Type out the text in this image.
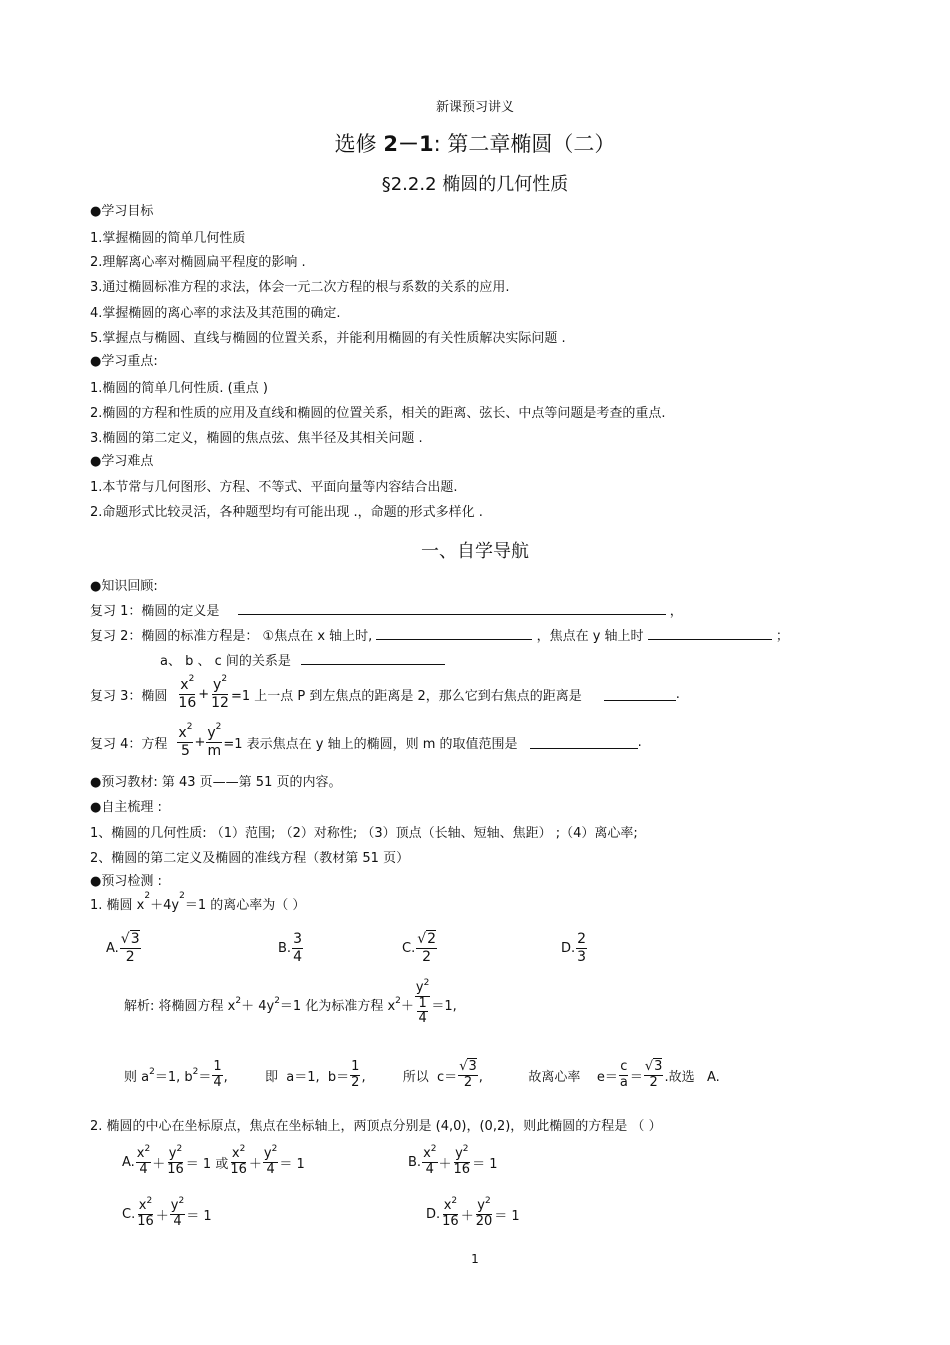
新课预习讲义
选修 2－1: 第二章椭圆（二）
§2.2.2 椭圆的几何性质
●学习目标
1.掌握椭圆的简单几何性质
2.理解离心率对椭圆扁平程度的影响 .
3.通过椭圆标准方程的求法，体会一元二次方程的根与系数的关系的应用.
4.掌握椭圆的离心率的求法及其范围的确定.
5.掌握点与椭圆、直线与椭圆的位置关系，并能利用椭圆的有关性质解决实际问题 .
●学习重点:
1.椭圆的简单几何性质. (重点 )
2.椭圆的方程和性质的应用及直线和椭圆的位置关系，相关的距离、弦长、中点等问题是考查的重点.
3.椭圆的第二定义，椭圆的焦点弦、焦半径及其相关问题 .
●学习难点
1.本节常与几何图形、方程、不等式、平面向量等内容结合出题.
2.命题形式比较灵活，各种题型均有可能出现 .，命题的形式多样化 .
一、自学导航
●知识回顾:
复习 1：椭圆的定义是	，
复习 2：椭圆的标准方程是： ①焦点在 x 轴上时,	，焦点在 y 轴上时	；
a、 b 、 c 间的关系是
复习 3：椭圆 $\frac{x^2}{16} + \frac{y^2}{12} =1$ 上一点 P 到左焦点的距离是 2，那么它到右焦点的距离是	.
复习 4：方程 $\frac{x^2}{5} + \frac{y^2}{m} =1$ 表示焦点在 y 轴上的椭圆，则 m 的取值范围是	.
●预习教材: 第 43 页——第 51 页的内容。
●自主梳理 :
1、椭圆的几何性质: （1）范围; （2）对称性; （3）顶点（长轴、短轴、焦距） ;（4）离心率;
2、椭圆的第二定义及椭圆的准线方程（教材第 51 页）
●预习检测 :
1. 椭圆 $x^2+4y^2=1$ 的离心率为（ ）
A. $\frac{√3}{2}$	B. $\frac{3}{4}$	C. $\frac{√2}{2}$	D. $\frac{2}{3}$
解析: 将椭圆方程 $x^2 + 4y^2 =1$ 化为标准方程 $x^2 + \frac{y^2}{\frac{1}{4}} =1$,
则 $a^2 =1$, $b^2 = \frac{1}{4}$ ,         即  a＝1,  $b= \frac{1}{2}$ ,         所以  $c= \frac{√3}{2}$ ,           故离心率    $e= \frac{c}{a} = \frac{√3}{2}$ .故选   A.
2. 椭圆的中心在坐标原点，焦点在坐标轴上，两顶点分别是 (4,0)，(0,2)，则此椭圆的方程是 （ ）
A. $\frac{x^2}{4} + \frac{y^2}{16} = 1$ 或 $\frac{x^2}{16} + \frac{y^2}{4} = 1$	B. $\frac{x^2}{4} + \frac{y^2}{16} = 1$
C. $\frac{x^2}{16} + \frac{y^2}{4} = 1$	D. $\frac{x^2}{16} + \frac{y^2}{20} = 1$
1
